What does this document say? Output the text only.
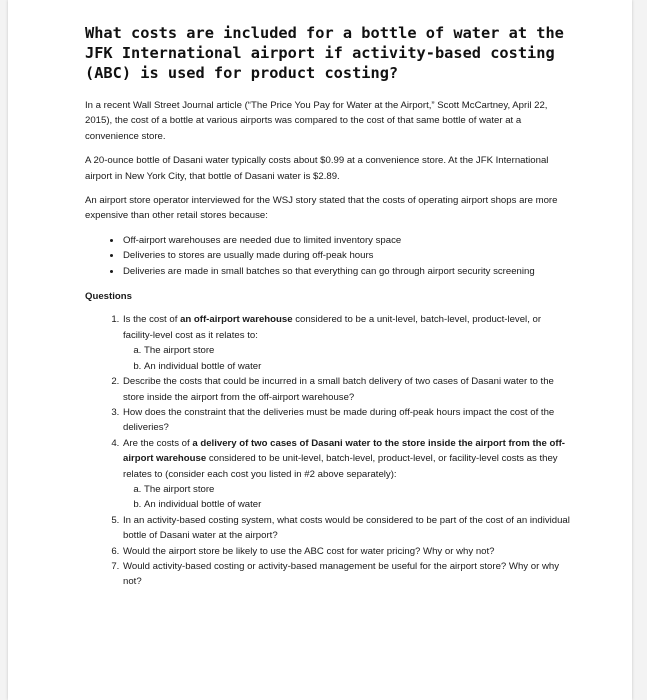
What costs are included for a bottle of water at the JFK International airport if activity-based costing (ABC) is used for product costing?

In a recent Wall Street Journal article (“The Price You Pay for Water at the Airport,” Scott McCartney, April 22, 2015), the cost of a bottle at various airports was compared to the cost of that same bottle of water at a convenience store.

A 20-ounce bottle of Dasani water typically costs about $0.99 at a convenience store. At the JFK International airport in New York City, that bottle of Dasani water is $2.89.

An airport store operator interviewed for the WSJ story stated that the costs of operating airport shops are more expensive than other retail stores because:

• Off-airport warehouses are needed due to limited inventory space
• Deliveries to stores are usually made during off-peak hours
• Deliveries are made in small batches so that everything can go through airport security screening
Questions
1. Is the cost of an off-airport warehouse considered to be a unit-level, batch-level, product-level, or facility-level cost as it relates to:
a. The airport store
b. An individual bottle of water
2. Describe the costs that could be incurred in a small batch delivery of two cases of Dasani water to the store inside the airport from the off-airport warehouse?
3. How does the constraint that the deliveries must be made during off-peak hours impact the cost of the deliveries?
4. Are the costs of a delivery of two cases of Dasani water to the store inside the airport from the off-airport warehouse considered to be unit-level, batch-level, product-level, or facility-level costs as they relates to (consider each cost you listed in #2 above separately):
a. The airport store
b. An individual bottle of water
5. In an activity-based costing system, what costs would be considered to be part of the cost of an individual bottle of Dasani water at the airport?
6. Would the airport store be likely to use the ABC cost for water pricing? Why or why not?
7. Would activity-based costing or activity-based management be useful for the airport store? Why or why not?
